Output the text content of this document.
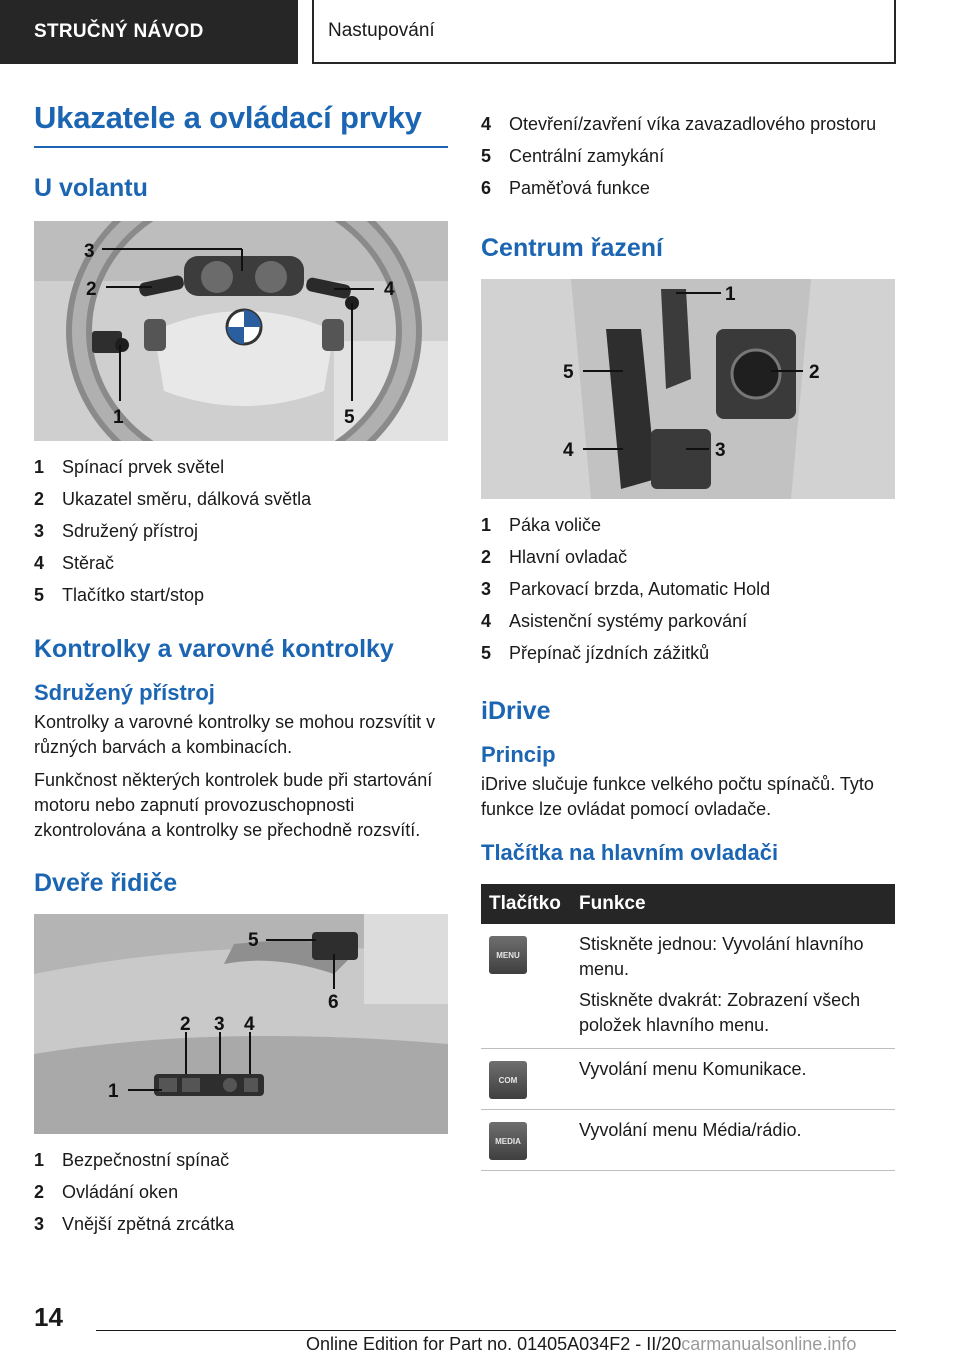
STRUČNÝ NÁVOD	Nastupování
Ukazatele a ovládací prvky
U volantu
3
2	4
1	5
1 Spínací prvek světel
2 Ukazatel směru, dálková světla
3 Sdružený přístroj
4 Stěrač
5 Tlačítko start/stop
Kontrolky a varovné kontrolky
Sdružený přístroj

Kontrolky a varovné kontrolky se mohou rozsvítit v různých barvách a kombinacích.

Funkčnost některých kontrolek bude při startování motoru nebo zapnutí provozuschopnosti zkontrolována a kontrolky se přechodně rozsvítí.

Dveře řidiče
5
6
2 3 4
1
1 Bezpečnostní spínač
2 Ovládání oken
3 Vnější zpětná zrcátka
4 Otevření/zavření víka zavazadlového prostoru
5 Centrální zamykání
6 Paměťová funkce
Centrum řazení
1
5	2
4	3
1 Páka voliče
2 Hlavní ovladač
3 Parkovací brzda, Automatic Hold
4 Asistenční systémy parkování
5 Přepínač jízdních zážitků
iDrive
Princip

iDrive slučuje funkce velkého počtu spínačů. Tyto funkce lze ovládat pomocí ovladače.

Tlačítka na hlavním ovladači
Tlačítko	Funkce

MENU	Stiskněte jednou: Vyvolání hlavního menu.
Stiskněte dvakrát: Zobrazení všech položek hlavního menu.

COM	Vyvolání menu Komunikace.

MEDIA	Vyvolání menu Média/rádio.
14
Online Edition for Part no. 01405A034F2 - II/20carmanualsonline.info
